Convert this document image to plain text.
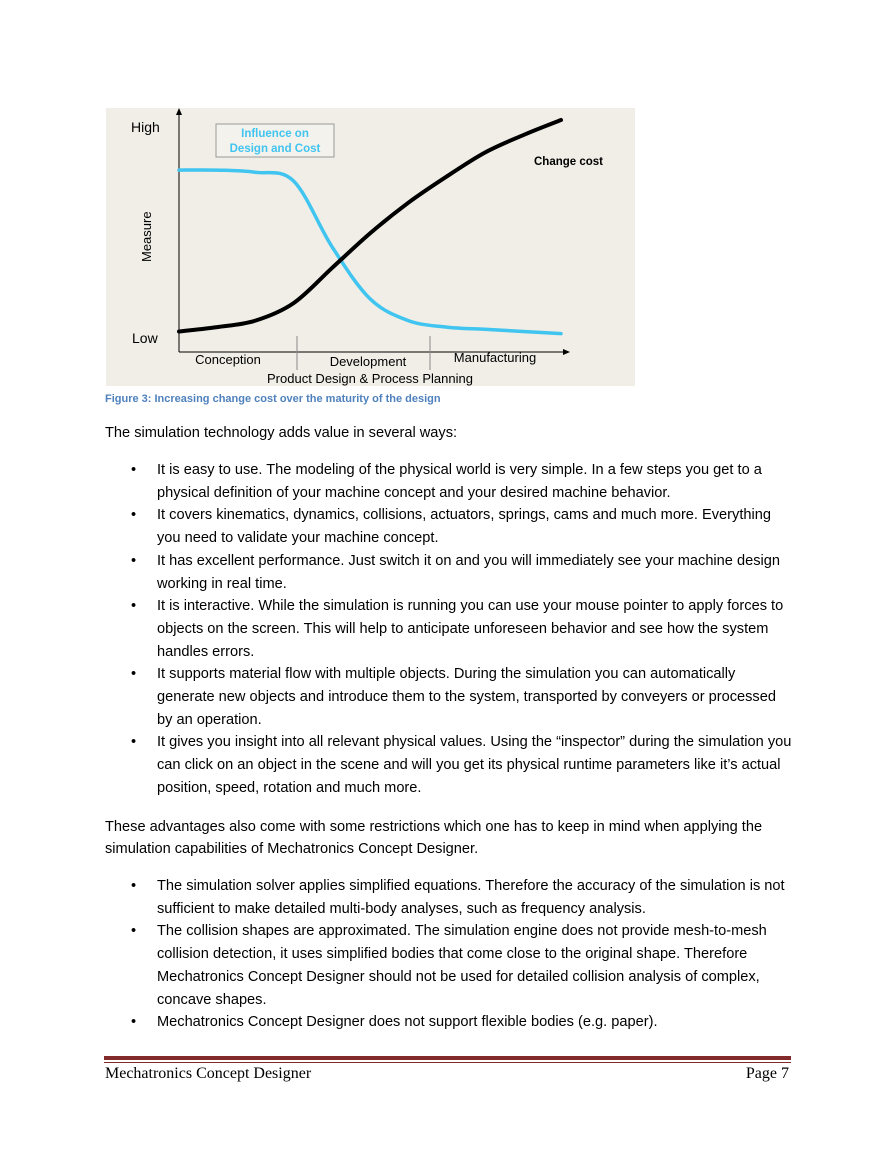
High
Low
Measure
Influence on
Design and Cost
Change cost
Conception	Development	Manufacturing
Product Design & Process Planning
Figure 3: Increasing change cost over the maturity of the design

The simulation technology adds value in several ways:

• It is easy to use. The modeling of the physical world is very simple. In a few steps you get to a physical definition of your machine concept and your desired machine behavior.
• It covers kinematics, dynamics, collisions, actuators, springs, cams and much more. Everything you need to validate your machine concept.
• It has excellent performance. Just switch it on and you will immediately see your machine design working in real time.
• It is interactive. While the simulation is running you can use your mouse pointer to apply forces to objects on the screen. This will help to anticipate unforeseen behavior and see how the system handles errors.
• It supports material flow with multiple objects. During the simulation you can automatically generate new objects and introduce them to the system, transported by conveyers or processed by an operation.
• It gives you insight into all relevant physical values. Using the “inspector” during the simulation you can click on an object in the scene and will you get its physical runtime parameters like it’s actual position, speed, rotation and much more.

These advantages also come with some restrictions which one has to keep in mind when applying the simulation capabilities of Mechatronics Concept Designer.

• The simulation solver applies simplified equations. Therefore the accuracy of the simulation is not sufficient to make detailed multi-body analyses, such as frequency analysis.
• The collision shapes are approximated. The simulation engine does not provide mesh-to-mesh collision detection, it uses simplified bodies that come close to the original shape. Therefore Mechatronics Concept Designer should not be used for detailed collision analysis of complex, concave shapes.
• Mechatronics Concept Designer does not support flexible bodies (e.g. paper).
Mechatronics Concept Designer	Page 7
